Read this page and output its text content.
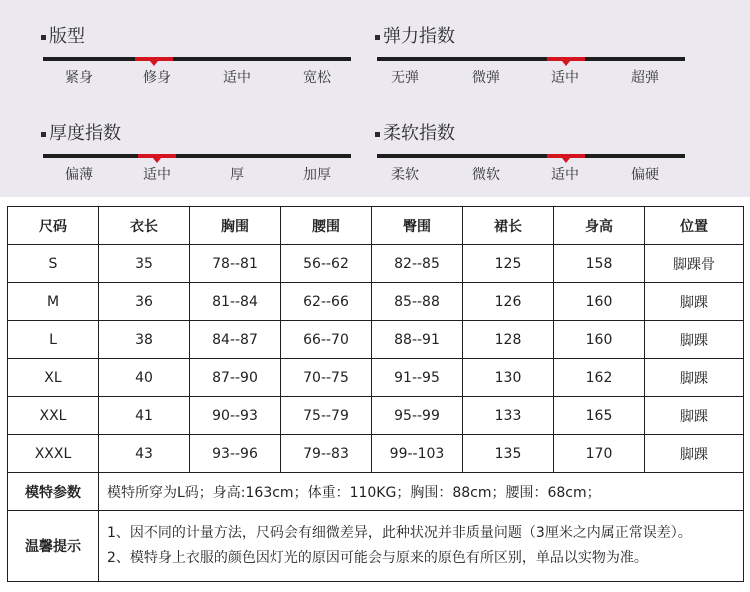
版型
紧身	修身	适中	宽松
弹力指数
无弹	微弹	适中	超弹
厚度指数
偏薄	适中	厚	加厚
柔软指数
柔软	微软	适中	偏硬
尺码	衣长	胸围	腰围	臀围	裙长	身高	位置
S	35	78--81	56--62	82--85	125	158	脚踝骨
M	36	81--84	62--66	85--88	126	160	脚踝
L	38	84--87	66--70	88--91	128	160	脚踝
XL	40	87--90	70--75	91--95	130	162	脚踝
XXL	41	90--93	75--79	95--99	133	165	脚踝
XXXL	43	93--96	79--83	99--103	135	170	脚踝
模特参数	模特所穿为L码；身高:163cm；体重：110KG；胸围：88cm；腰围：68cm；						
温馨提示	1、因不同的计量方法，尺码会有细微差异，此种状况并非质量问题（3厘米之内属正常误差）。
2、模特身上衣服的颜色因灯光的原因可能会与原来的原色有所区别，单品以实物为准。						
